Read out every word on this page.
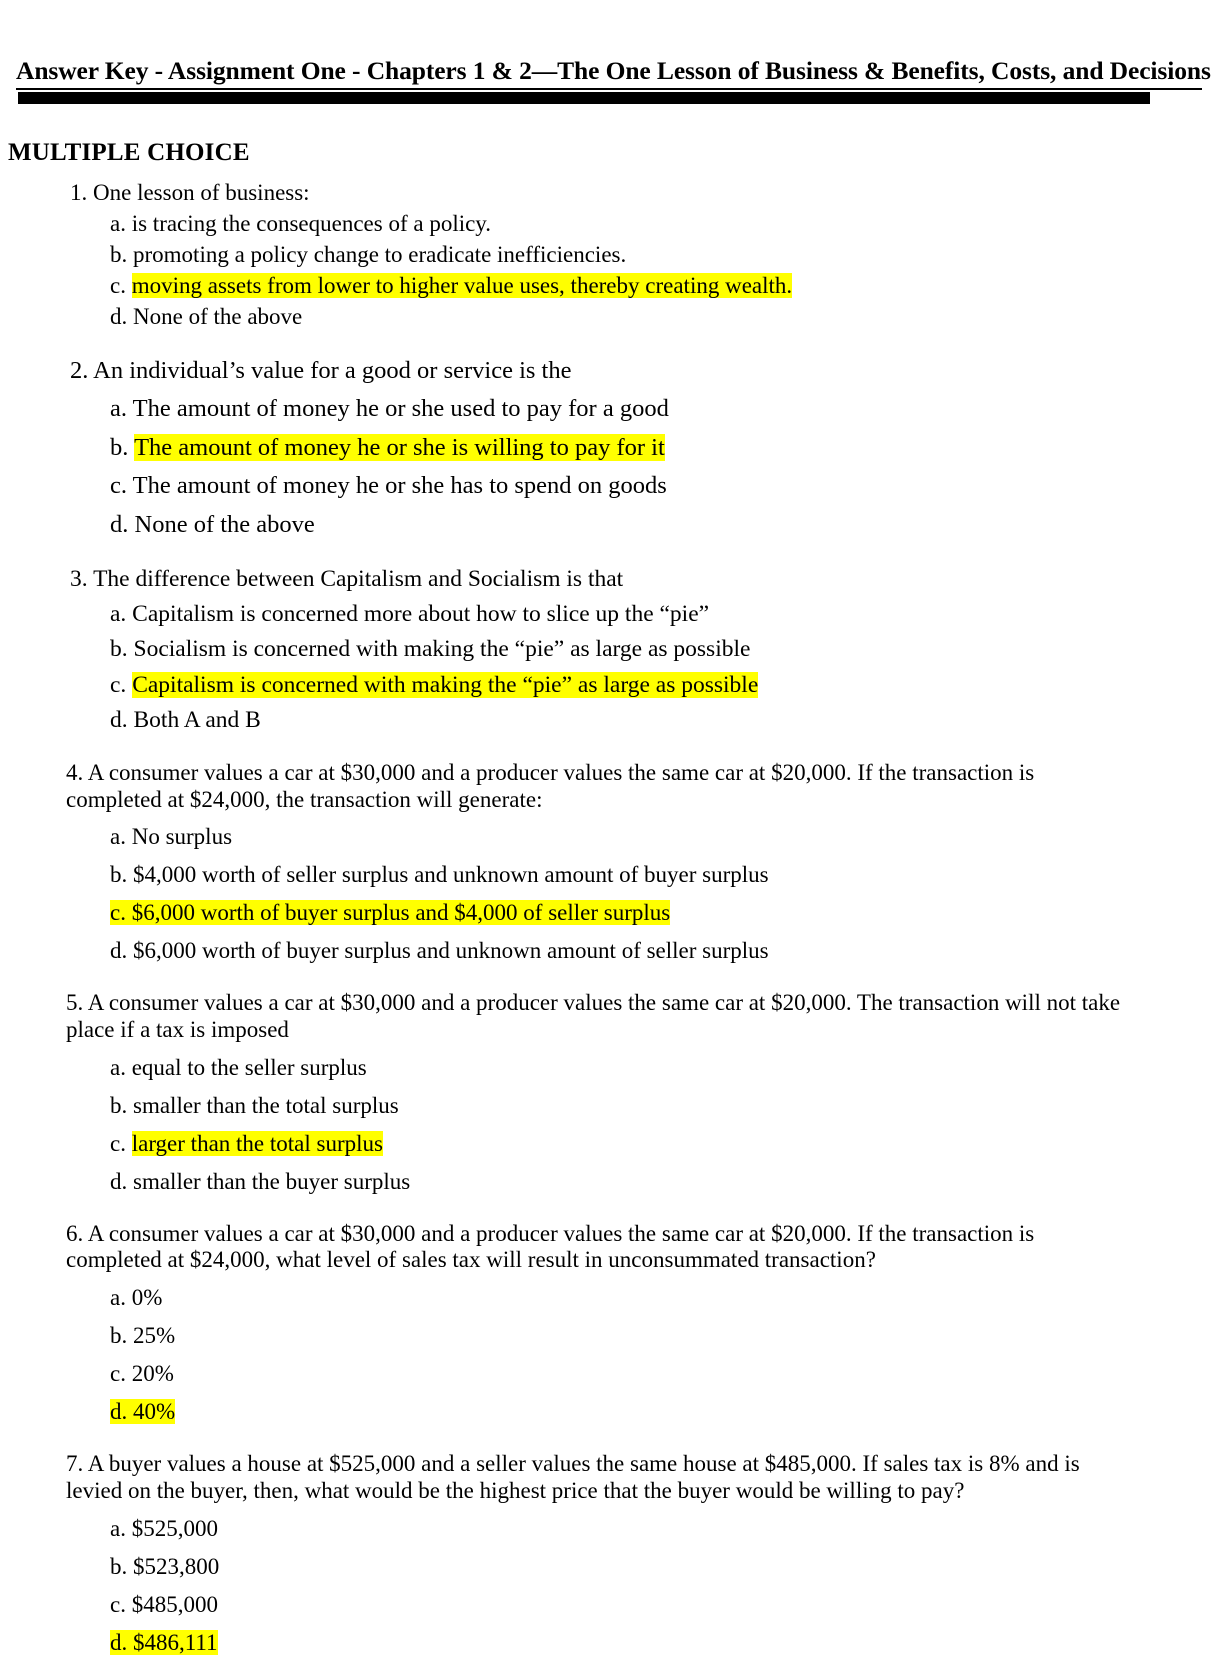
Answer Key - Assignment One - Chapters 1 & 2—The One Lesson of Business & Benefits, Costs, and Decisions
MULTIPLE CHOICE
1. One lesson of business:
a. is tracing the consequences of a policy.
b. promoting a policy change to eradicate inefficiencies.
c. moving assets from lower to higher value uses, thereby creating wealth.
d. None of the above
2. An individual’s value for a good or service is the
a. The amount of money he or she used to pay for a good
b. The amount of money he or she is willing to pay for it
c. The amount of money he or she has to spend on goods
d. None of the above
3. The difference between Capitalism and Socialism is that
a. Capitalism is concerned more about how to slice up the “pie”
b. Socialism is concerned with making the “pie” as large as possible
c. Capitalism is concerned with making the “pie” as large as possible
d. Both A and B
4. A consumer values a car at $30,000 and a producer values the same car at $20,000. If the transaction is completed at $24,000, the transaction will generate:
a. No surplus
b. $4,000 worth of seller surplus and unknown amount of buyer surplus
c. $6,000 worth of buyer surplus and $4,000 of seller surplus
d. $6,000 worth of buyer surplus and unknown amount of seller surplus
5. A consumer values a car at $30,000 and a producer values the same car at $20,000. The transaction will not take place if a tax is imposed
a. equal to the seller surplus
b. smaller than the total surplus
c. larger than the total surplus
d. smaller than the buyer surplus
6. A consumer values a car at $30,000 and a producer values the same car at $20,000. If the transaction is completed at $24,000, what level of sales tax will result in unconsummated transaction?
a. 0%
b. 25%
c. 20%
d. 40%
7. A buyer values a house at $525,000 and a seller values the same house at $485,000. If sales tax is 8% and is levied on the buyer, then, what would be the highest price that the buyer would be willing to pay?
a. $525,000
b. $523,800
c. $485,000
d. $486,111
